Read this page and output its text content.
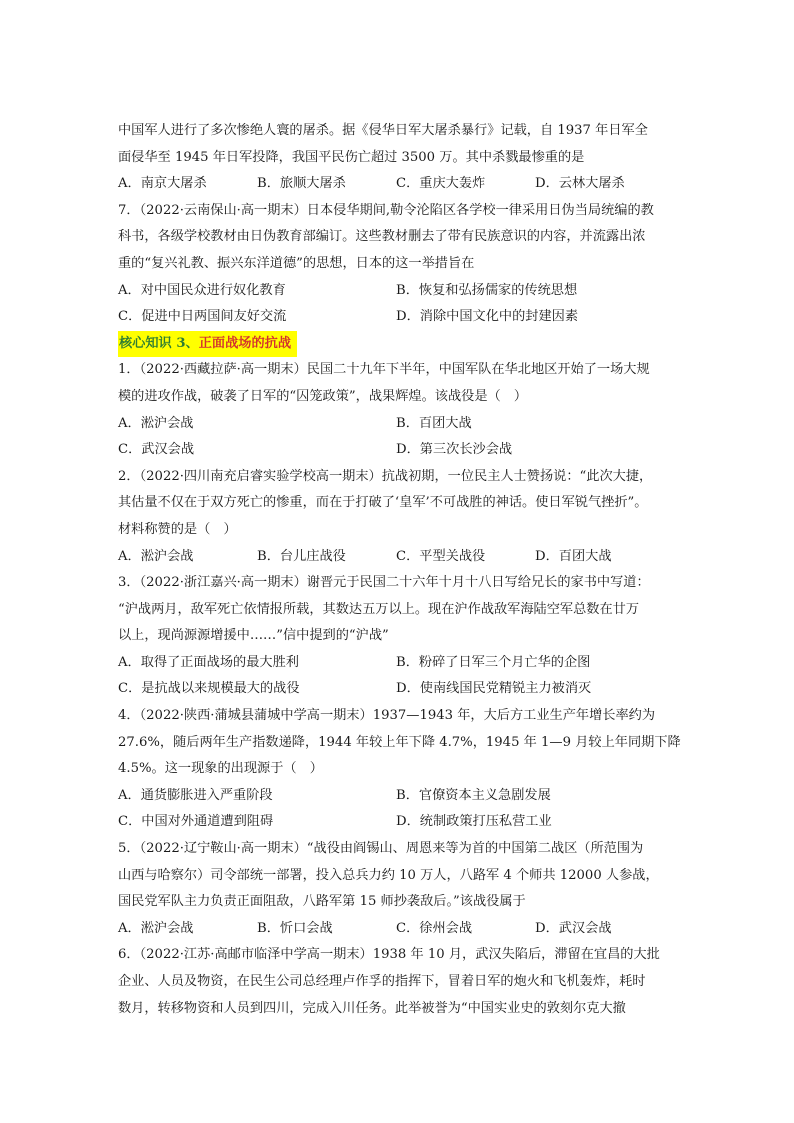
中国军人进行了多次惨绝人寰的屠杀。据《侵华日军大屠杀暴行》记载，自 1937 年日军全
面侵华至 1945 年日军投降，我国平民伤亡超过 3500 万。其中杀戮最惨重的是
A．南京大屠杀	B．旅顺大屠杀	C．重庆大轰炸	D．云林大屠杀
7．（2022·云南保山·高一期末）日本侵华期间,勒令沦陷区各学校一律采用日伪当局统编的教
科书，各级学校教材由日伪教育部编订。这些教材删去了带有民族意识的内容，并流露出浓
重的“复兴礼教、振兴东洋道德”的思想，日本的这一举措旨在
A．对中国民众进行奴化教育	B．恢复和弘扬儒家的传统思想
C．促进中日两国间友好交流	D．消除中国文化中的封建因素
核心知识 3、正面战场的抗战
1．（2022·西藏拉萨·高一期末）民国二十九年下半年，中国军队在华北地区开始了一场大规
模的进攻作战，破袭了日军的“囚笼政策”，战果辉煌。该战役是（　）
A．淞沪会战	B．百团大战
C．武汉会战	D．第三次长沙会战
2．（2022·四川南充启睿实验学校高一期末）抗战初期，一位民主人士赞扬说：“此次大捷，
其估量不仅在于双方死亡的惨重，而在于打破了‘皇军’不可战胜的神话。使日军锐气挫折”。
材料称赞的是（　）
A．淞沪会战	B．台儿庄战役	C．平型关战役	D．百团大战
3．（2022·浙江嘉兴·高一期末）谢晋元于民国二十六年十月十八日写给兄长的家书中写道：
“沪战两月，敌军死亡依情报所载，其数达五万以上。现在沪作战敌军海陆空军总数在廿万
以上，现尚源源增援中……”信中提到的“沪战”
A．取得了正面战场的最大胜利	B．粉碎了日军三个月亡华的企图
C．是抗战以来规模最大的战役	D．使南线国民党精锐主力被消灭
4．（2022·陕西·蒲城县蒲城中学高一期末）1937—1943 年，大后方工业生产年增长率约为
27.6%，随后两年生产指数递降，1944 年较上年下降 4.7%，1945 年 1—9 月较上年同期下降
4.5%。这一现象的出现源于（　）
A．通货膨胀进入严重阶段	B．官僚资本主义急剧发展
C．中国对外通道遭到阻碍	D．统制政策打压私营工业
5．（2022·辽宁鞍山·高一期末）“战役由阎锡山、周恩来等为首的中国第二战区（所范围为
山西与哈察尔）司令部统一部署，投入总兵力约 10 万人，八路军 4 个师共 12000 人参战，
国民党军队主力负责正面阻敌，八路军第 15 师抄袭敌后。”该战役属于
A．淞沪会战	B．忻口会战	C．徐州会战	D．武汉会战
6．（2022·江苏·高邮市临泽中学高一期末）1938 年 10 月，武汉失陷后，滞留在宜昌的大批
企业、人员及物资，在民生公司总经理卢作孚的指挥下，冒着日军的炮火和飞机轰炸，耗时
数月，转移物资和人员到四川，完成入川任务。此举被誉为“中国实业史的敦刻尔克大撤
